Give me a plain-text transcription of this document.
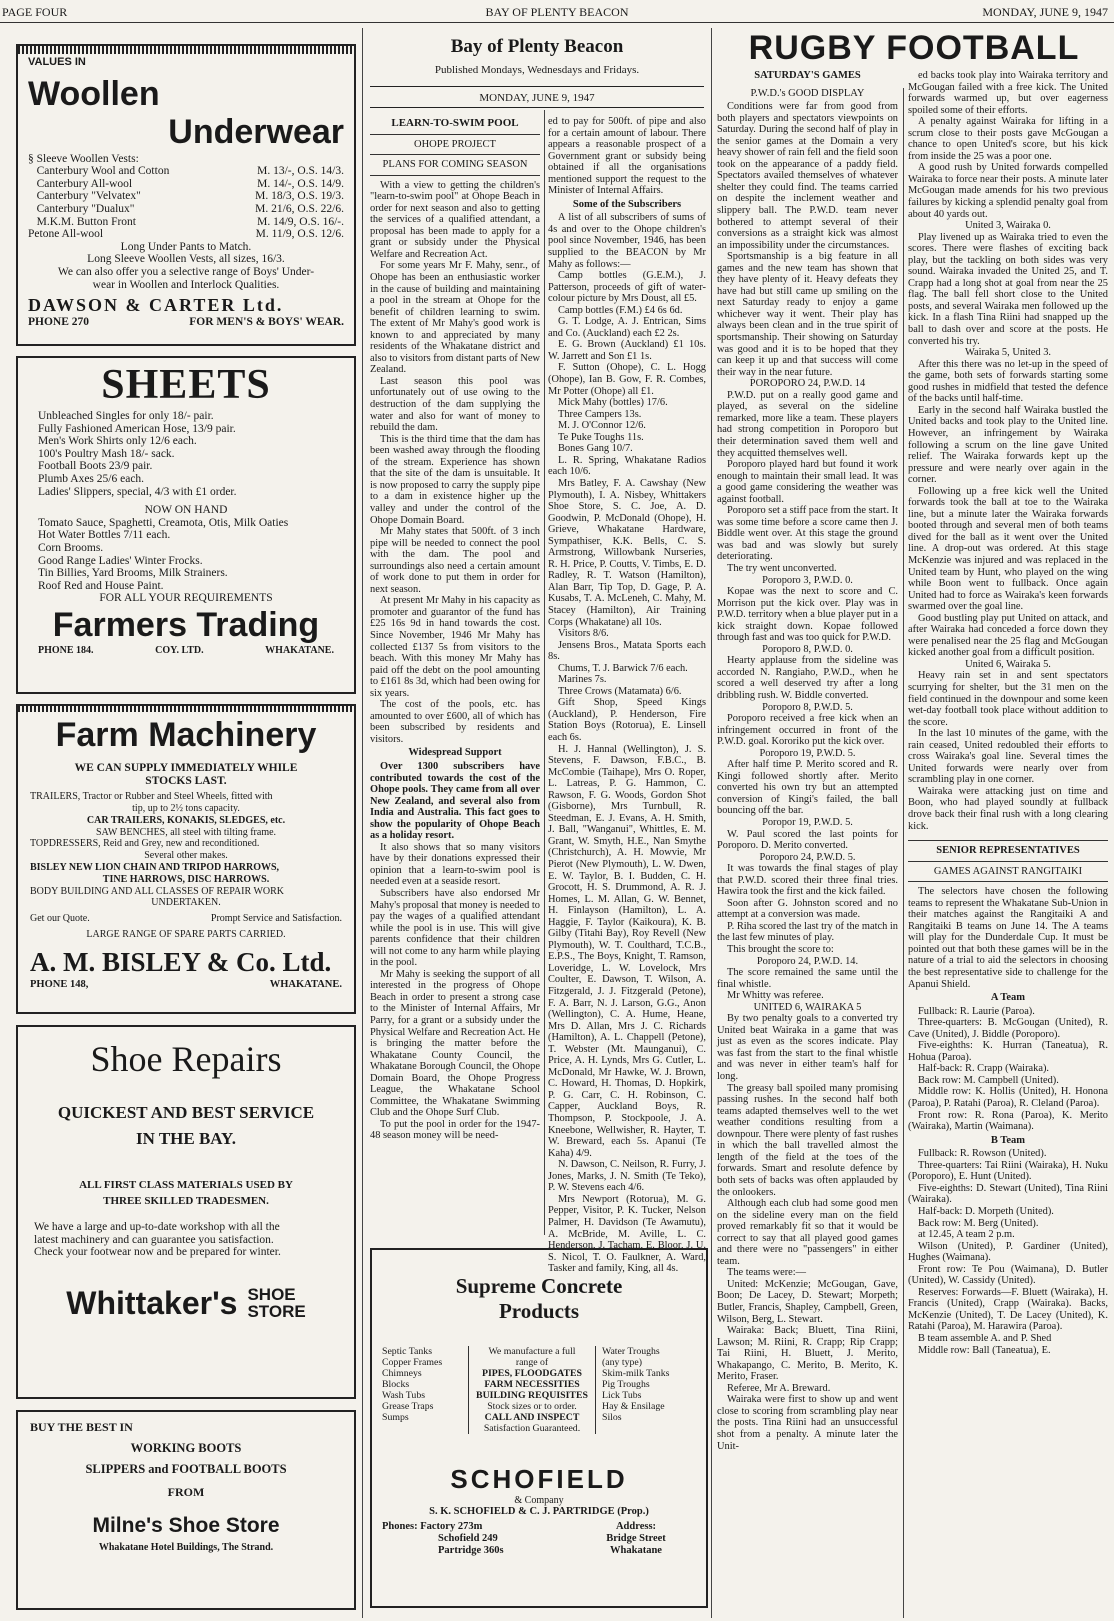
PAGE FOUR	BAY OF PLENTY BEACON	MONDAY, JUNE 9, 1947
VALUES IN
Woollen
Underwear
§ Sleeve Woollen Vests:
Canterbury Wool and Cotton	M. 13/-, O.S. 14/3.
Canterbury All-wool	M. 14/-, O.S. 14/9.
Canterbury "Velvatex"	M. 18/3, O.S. 19/3.
Canterbury "Dualux"	M. 21/6, O.S. 22/6.
M.K.M. Button Front	M. 14/9, O.S. 16/-.
Petone All-wool	M. 11/9, O.S. 12/6.
Long Under Pants to Match.
Long Sleeve Woollen Vests, all sizes, 16/3.
We can also offer you a selective range of Boys' Under-
wear in Woollen and Interlock Qualities.
DAWSON & CARTER Ltd.
PHONE 270	FOR MEN'S & BOYS' WEAR.
SHEETS
Unbleached Singles for only 18/- pair.
Fully Fashioned American Hose, 13/9 pair.
Men's Work Shirts only 12/6 each.
100's Poultry Mash 18/- sack.
Football Boots 23/9 pair.
Plumb Axes 25/6 each.
Ladies' Slippers, special, 4/3 with £1 order.
NOW ON HAND
Tomato Sauce, Spaghetti, Creamota, Otis, Milk Oaties
Hot Water Bottles 7/11 each.
Corn Brooms.
Good Range Ladies' Winter Frocks.
Tin Billies, Yard Brooms, Milk Strainers.
Roof Red and House Paint.
FOR ALL YOUR REQUIREMENTS
Farmers Trading
PHONE 184.	COY. LTD.	WHAKATANE.
Farm Machinery
WE CAN SUPPLY IMMEDIATELY WHILE
STOCKS LAST.
TRAILERS, Tractor or Rubber and Steel Wheels, fitted with
tip, up to 2½ tons capacity.
CAR TRAILERS, KONAKIS, SLEDGES, etc.
SAW BENCHES, all steel with tilting frame.
TOPDRESSERS, Reid and Grey, new and reconditioned.
Several other makes.
BISLEY NEW LION CHAIN AND TRIPOD HARROWS,
TINE HARROWS, DISC HARROWS.
BODY BUILDING AND ALL CLASSES OF REPAIR WORK
UNDERTAKEN.
Get our Quote.	Prompt Service and Satisfaction.
LARGE RANGE OF SPARE PARTS CARRIED.
A. M. BISLEY & Co. Ltd.
PHONE 148,	WHAKATANE.
Shoe Repairs
QUICKEST AND BEST SERVICE
IN THE BAY.
ALL FIRST CLASS MATERIALS USED BY
THREE SKILLED TRADESMEN.
We have a large and up-to-date workshop with all the
latest machinery and can guarantee you satisfaction.
Check your footwear now and be prepared for winter.
Whittaker's SHOE
STORE
BUY THE BEST IN
WORKING BOOTS
SLIPPERS and FOOTBALL BOOTS
FROM
Milne's Shoe Store
Whakatane Hotel Buildings, The Strand.
Bay of Plenty Beacon
Published Mondays, Wednesdays and Fridays.
MONDAY, JUNE 9, 1947
LEARN-TO-SWIM POOL
OHOPE PROJECT
PLANS FOR COMING SEASON

With a view to getting the children's "learn-to-swim pool" at Ohope Beach in order for next season and also to getting the services of a qualified attendant, a proposal has been made to apply for a grant or subsidy under the Physical Welfare and Recreation Act.

For some years Mr F. Mahy, senr., of Ohope has been an enthusiastic worker in the cause of building and maintaining a pool in the stream at Ohope for the benefit of children learning to swim. The extent of Mr Mahy's good work is known to and appreciated by many residents of the Whakatane district and also to visitors from distant parts of New Zealand.

Last season this pool was unfortunately out of use owing to the destruction of the dam supplying the water and also for want of money to rebuild the dam.

This is the third time that the dam has been washed away through the flooding of the stream. Experience has shown that the site of the dam is unsuitable. It is now proposed to carry the supply pipe to a dam in existence higher up the valley and under the control of the Ohope Domain Board.

Mr Mahy states that 500ft. of 3 inch pipe will be needed to connect the pool with the dam. The pool and surroundings also need a certain amount of work done to put them in order for next season.

At present Mr Mahy in his capacity as promoter and guarantor of the fund has £25 16s 9d in hand towards the cost. Since November, 1946 Mr Mahy has collected £137 5s from visitors to the beach. With this money Mr Mahy has paid off the debt on the pool amounting to £161 8s 3d, which had been owing for six years.

The cost of the pools, etc. has amounted to over £600, all of which has been subscribed by residents and visitors.

Widespread Support

Over 1300 subscribers have contributed towards the cost of the Ohope pools. They came from all over New Zealand, and several also from India and Australia. This fact goes to show the popularity of Ohope Beach as a holiday resort.

It also shows that so many visitors have by their donations expressed their opinion that a learn-to-swim pool is needed even at a seaside resort.

Subscribers have also endorsed Mr Mahy's proposal that money is needed to pay the wages of a qualified attendant while the pool is in use. This will give parents confidence that their children will not come to any harm while playing in the pool.

Mr Mahy is seeking the support of all interested in the progress of Ohope Beach in order to present a strong case to the Minister of Internal Affairs, Mr Parry, for a grant or a subsidy under the Physical Welfare and Recreation Act. He is bringing the matter before the Whakatane County Council, the Whakatane Borough Council, the Ohope Domain Board, the Ohope Progress League, the Whakatane School Committee, the Whakatane Swimming Club and the Ohope Surf Club.

To put the pool in order for the 1947-48 season money will be need-

ed to pay for 500ft. of pipe and also for a certain amount of labour. There appears a reasonable prospect of a Government grant or subsidy being obtained if all the organisations mentioned support the request to the Minister of Internal Affairs.

Some of the Subscribers

A list of all subscribers of sums of 4s and over to the Ohope children's pool since November, 1946, has been supplied to the BEACON by Mr Mahy as follows:—

Camp bottles (G.E.M.), J. Patterson, proceeds of gift of water-colour picture by Mrs Doust, all £5.

Camp bottles (F.M.) £4 6s 6d.

G. T. Lodge, A. J. Entrican, Sims and Co. (Auckland) each £2 2s.

E. G. Brown (Auckland) £1 10s. W. Jarrett and Son £1 1s.

F. Sutton (Ohope), C. L. Hogg (Ohope), Ian B. Gow, F. R. Combes, Mr Potter (Ohope) all £1.

Mick Mahy (bottles) 17/6.

Three Campers 13s.

M. J. O'Connor 12/6.

Te Puke Toughs 11s.

Bones Gang 10/7.

L. R. Spring, Whakatane Radios each 10/6.

Mrs Batley, F. A. Cawshay (New Plymouth), I. A. Nisbey, Whittakers Shoe Store, S. C. Joe, A. D. Goodwin, P. McDonald (Ohope), H. Grieve, Whakatane Hardware, Sympathiser, K.K. Bells, C. S. Armstrong, Willowbank Nurseries, R. H. Price, P. Coutts, V. Timbs, E. D. Radley, R. T. Watson (Hamilton), Alan Barr, Tip Top, D. Gage, P. A. Kusabs, T. A. McLeneh, C. Mahy, M. Stacey (Hamilton), Air Training Corps (Whakatane) all 10s.

Visitors 8/6.

Jensens Bros., Matata Sports each 8s.

Chums, T. J. Barwick 7/6 each.

Marines 7s.

Three Crows (Matamata) 6/6.

Gift Shop, Speed Kings (Auckland), P. Henderson, Fire Station Boys (Rotorua), E. Linsell each 6s.

H. J. Hannal (Wellington), J. S. Stevens, F. Dawson, F.B.C., B. McCombie (Taihape), Mrs O. Roper, L. Latreas, P. G. Hammon, C. Rawson, F. G. Woods, Gordon Shot (Gisborne), Mrs Turnbull, R. Steedman, E. J. Evans, A. H. Smith, J. Ball, "Wanganui", Whittles, E. M. Grant, W. Smyth, H.E., Nan Smythe (Christchurch), A. H. Mowvie, Mr Pierot (New Plymouth), L. W. Dwen, E. W. Taylor, B. I. Budden, C. H. Grocott, H. S. Drummond, A. R. J. Homes, L. M. Allan, G. W. Bennet, H. Finlayson (Hamilton), L. A. Haggie, F. Taylor (Kaikoura), K. B. Gilby (Titahi Bay), Roy Revell (New Plymouth), W. T. Coulthard, T.C.B., E.P.S., The Boys, Knight, T. Ramson, Loveridge, L. W. Lovelock, Mrs Coulter, E. Dawson, T. Wilson, A. Fitzgerald, J. J. Fitzgerald (Petone), F. A. Barr, N. J. Larson, G.G., Anon (Wellington), C. A. Hume, Heane, Mrs D. Allan, Mrs J. C. Richards (Hamilton), A. L. Chappell (Petone), T. Webster (Mt. Maunganui), C. Price, A. H. Lynds, Mrs G. Cutler, L. McDonald, Mr Hawke, W. J. Brown, C. Howard, H. Thomas, D. Hopkirk, P. G. Carr, C. H. Robinson, C. Capper, Auckland Boys, R. Thompson, P. Stockpoole, J. A. Kneebone, Wellwisher, R. Hayter, T. W. Breward, each 5s. Apanui (Te Kaha) 4/9.

N. Dawson, C. Neilson, R. Furry, J. Jones, Marks, J. N. Smith (Te Teko), P. W. Stevens each 4/6.

Mrs Newport (Rotorua), M. G. Pepper, Visitor, P. K. Tucker, Nelson Palmer, H. Davidson (Te Awamutu), A. McBride, M. Aville, L. C. Henderson, J. Tacham, E. Bloor, J. U. S. Nicol, T. O. Faulkner, A. Ward, Tasker and family, King, all 4s.

Supreme Concrete
Products
Septic Tanks
Copper Frames
Chimneys
Blocks
Wash Tubs
Grease Traps
Sumps
We manufacture a full
range of
PIPES, FLOODGATES
FARM NECESSITIES
BUILDING REQUISITES
Stock sizes or to order.
CALL AND INSPECT
Satisfaction Guaranteed.
Water Troughs
(any type)
Skim-milk Tanks
Pig Troughs
Lick Tubs
Hay & Ensilage
Silos
SCHOFIELD
& Company
S. K. SCHOFIELD & C. J. PARTRIDGE (Prop.)
Phones: Factory 273m
Schofield 249
Partridge 360s
Address:
Bridge Street
Whakatane
RUGBY FOOTBALL
SATURDAY'S GAMES
P.W.D.'s GOOD DISPLAY

Conditions were far from good from both players and spectators viewpoints on Saturday. During the second half of play in the senior games at the Domain a very heavy shower of rain fell and the field soon took on the appearance of a paddy field. Spectators availed themselves of whatever shelter they could find. The teams carried on despite the inclement weather and slippery ball. The P.W.D. team never bothered to attempt several of their conversions as a straight kick was almost an impossibility under the circumstances.

Sportsmanship is a big feature in all games and the new team has shown that they have plenty of it. Heavy defeats they have had but still came up smiling on the next Saturday ready to enjoy a game whichever way it went. Their play has always been clean and in the true spirit of sportsmanship. Their showing on Saturday was good and it is to be hoped that they can keep it up and that success will come their way in the near future.

POROPORO 24, P.W.D. 14

P.W.D. put on a really good game and played, as several on the sideline remarked, more like a team. These players had strong competition in Poroporo but their determination saved them well and they acquitted themselves well.

Poroporo played hard but found it work enough to maintain their small lead. It was a good game considering the weather was against football.

Poroporo set a stiff pace from the start. It was some time before a score came then J. Biddle went over. At this stage the ground was bad and was slowly but surely deteriorating.

The try went unconverted.

Poroporo 3, P.W.D. 0.

Kopae was the next to score and C. Morrison put the kick over. Play was in P.W.D. territory when a blue player put in a kick straight down. Kopae followed through fast and was too quick for P.W.D.

Poroporo 8, P.W.D. 0.

Hearty applause from the sideline was accorded N. Rangiaho, P.W.D., when he scored a well deserved try after a long dribbling rush. W. Biddle converted.

Poroporo 8, P.W.D. 5.

Poroporo received a free kick when an infringement occurred in front of the P.W.D. goal. Kororiko put the kick over.

Poroporo 19, P.W.D. 5.

After half time P. Merito scored and R. Kingi followed shortly after. Merito converted his own try but an attempted conversion of Kingi's failed, the ball bouncing off the bar.

Poropor 19, P.W.D. 5.

W. Paul scored the last points for Poroporo. D. Merito converted.

Poroporo 24, P.W.D. 5.

It was towards the final stages of play that P.W.D. scored their three final tries. Hawira took the first and the kick failed.

Soon after G. Johnston scored and no attempt at a conversion was made.

P. Riha scored the last try of the match in the last few minutes of play.

This brought the score to:

Poroporo 24, P.W.D. 14.

The score remained the same until the final whistle.

Mr Whitty was referee.

UNITED 6, WAIRAKA 5

By two penalty goals to a converted try United beat Wairaka in a game that was just as even as the scores indicate. Play was fast from the start to the final whistle and was never in either team's half for long.

The greasy ball spoiled many promising passing rushes. In the second half both teams adapted themselves well to the wet weather conditions resulting from a downpour. There were plenty of fast rushes in which the ball travelled almost the length of the field at the toes of the forwards. Smart and resolute defence by both sets of backs was often applauded by the onlookers.

Although each club had some good men on the sideline every man on the field proved remarkably fit so that it would be correct to say that all played good games and there were no "passengers" in either team.

The teams were:—

United: McKenzie; McGougan, Gave, Boon; De Lacey, D. Stewart; Morpeth; Butler, Francis, Shapley, Campbell, Green, Wilson, Berg, L. Stewart.

Wairaka: Back; Bluett, Tina Riini, Lawson; M. Riini, R. Crapp; Rip Crapp; Tai Riini, H. Bluett, J. Merito, Whakapango, C. Merito, B. Merito, K. Merito, Fraser.

Referee, Mr A. Breward.

Wairaka were first to show up and went close to scoring from scrambling play near the posts. Tina Riini had an unsuccessful shot from a penalty. A minute later the Unit-

ed backs took play into Wairaka territory and McGougan failed with a free kick. The United forwards warmed up, but over eagerness spoiled some of their efforts.

A penalty against Wairaka for lifting in a scrum close to their posts gave McGougan a chance to open United's score, but his kick from inside the 25 was a poor one.

A good rush by United forwards compelled Wairaka to force near their posts. A minute later McGougan made amends for his two previous failures by kicking a splendid penalty goal from about 40 yards out.

United 3, Wairaka 0.

Play livened up as Wairaka tried to even the scores. There were flashes of exciting back play, but the tackling on both sides was very sound. Wairaka invaded the United 25, and T. Crapp had a long shot at goal from near the 25 flag. The ball fell short close to the United posts, and several Wairaka men followed up the kick. In a flash Tina Riini had snapped up the ball to dash over and score at the posts. He converted his try.

Wairaka 5, United 3.

After this there was no let-up in the speed of the game, both sets of forwards starting some good rushes in midfield that tested the defence of the backs until half-time.

Early in the second half Wairaka bustled the United backs and took play to the United line. However, an infringement by Wairaka following a scrum on the line gave United relief. The Wairaka forwards kept up the pressure and were nearly over again in the corner.

Following up a free kick well the United forwards took the ball at toe to the Wairaka line, but a minute later the Wairaka forwards booted through and several men of both teams dived for the ball as it went over the United line. A drop-out was ordered. At this stage McKenzie was injured and was replaced in the United team by Hunt, who played on the wing while Boon went to fullback. Once again United had to force as Wairaka's keen forwards swarmed over the goal line.

Good bustling play put United on attack, and after Wairaka had conceded a force down they were penalised near the 25 flag and McGougan kicked another goal from a difficult position.

United 6, Wairaka 5.

Heavy rain set in and sent spectators scurrying for shelter, but the 31 men on the field continued in the downpour and some keen wet-day football took place without addition to the score.

In the last 10 minutes of the game, with the rain ceased, United redoubled their efforts to cross Wairaka's goal line. Several times the United forwards were nearly over from scrambling play in one corner.

Wairaka were attacking just on time and Boon, who had played soundly at fullback drove back their final rush with a long clearing kick.

SENIOR REPRESENTATIVES
GAMES AGAINST RANGITAIKI

The selectors have chosen the following teams to represent the Whakatane Sub-Union in their matches against the Rangitaiki A and Rangitaiki B teams on June 14. The A teams will play for the Dunderdale Cup. It must be pointed out that both these games will be in the nature of a trial to aid the selectors in choosing the best representative side to challenge for the Apanui Shield.

A Team

Fullback: R. Laurie (Paroa).

Three-quarters: B. McGougan (United), R. Cave (United), J. Biddle (Poroporo).

Five-eighths: K. Hurran (Taneatua), R. Hohua (Paroa).

Half-back: R. Crapp (Wairaka).

Back row: M. Campbell (United).

Middle row: K. Hollis (United), H. Honona (Paroa), P. Ratahi (Paroa), R. Cleland (Paroa).

Front row: R. Rona (Paroa), K. Merito (Wairaka), Martin (Waimana).

B Team

Fullback: R. Rowson (United).

Three-quarters: Tai Riini (Wairaka), H. Nuku (Poroporo), E. Hunt (United).

Five-eighths: D. Stewart (United), Tina Riini (Wairaka).

Half-back: D. Morpeth (United).

Back row: M. Berg (United).

at 12.45, A team 2 p.m.

Wilson (United), P. Gardiner (United), Hughes (Waimana).

Front row: Te Pou (Waimana), D. Butler (United), W. Cassidy (United).

Reserves: Forwards—F. Bluett (Wairaka), H. Francis (United), Crapp (Wairaka). Backs, McKenzie (United), T. De Lacey (United), K. Ratahi (Paroa), M. Harawira (Paroa).

B team assemble A. and P. Shed

Middle row: Ball (Taneatua), E.
